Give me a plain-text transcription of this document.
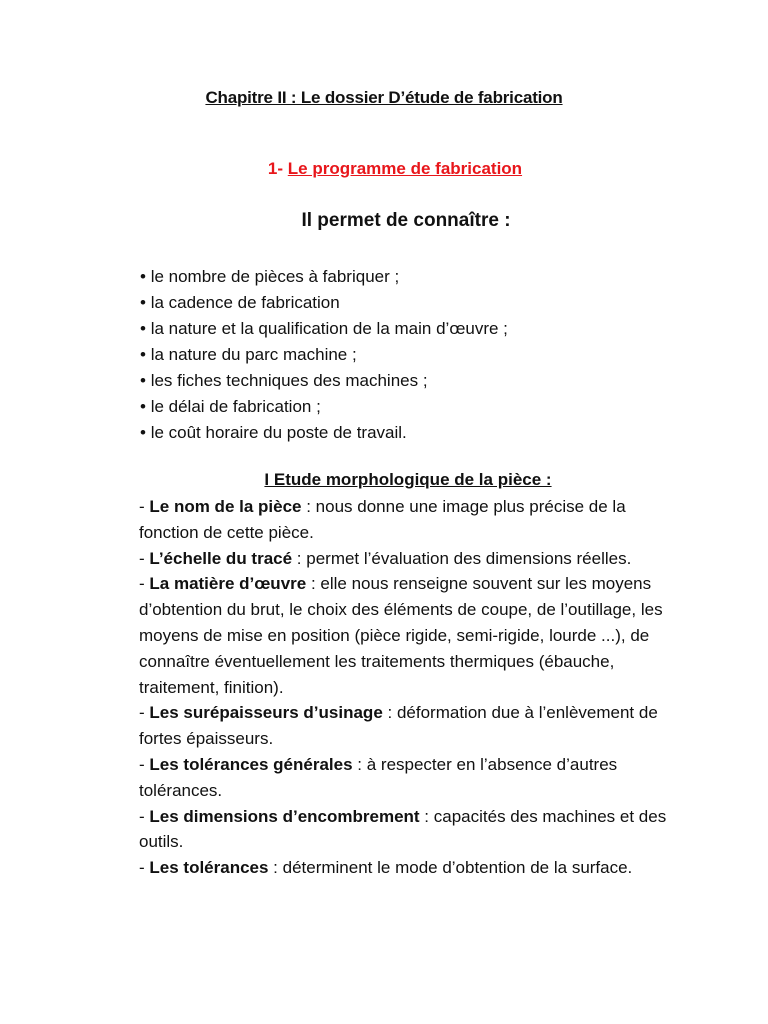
Chapitre II : Le dossier D’étude de fabrication
1- Le programme de fabrication
Il permet de connaître :
• le nombre de pièces à fabriquer ;
• la cadence de fabrication
• la nature et la qualification de la main d’œuvre ;
• la nature du parc machine ;
• les fiches techniques des machines ;
• le délai de fabrication ;
• le coût horaire du poste de travail.
I Etude morphologique de la pièce :

- Le nom de la pièce : nous donne une image plus précise de la fonction de cette pièce.

- L’échelle du tracé : permet l’évaluation des dimensions réelles.

- La matière d’œuvre : elle nous renseigne souvent sur les moyens d’obtention du brut, le choix des éléments de coupe, de l’outillage, les moyens de mise en position (pièce rigide, semi-rigide, lourde ...), de connaître éventuellement les traitements thermiques (ébauche, traitement, finition).

- Les surépaisseurs d’usinage : déformation due à l’enlèvement de fortes épaisseurs.

- Les tolérances générales : à respecter en l’absence d’autres tolérances.

- Les dimensions d’encombrement : capacités des machines et des outils.

- Les tolérances : déterminent le mode d’obtention de la surface.
